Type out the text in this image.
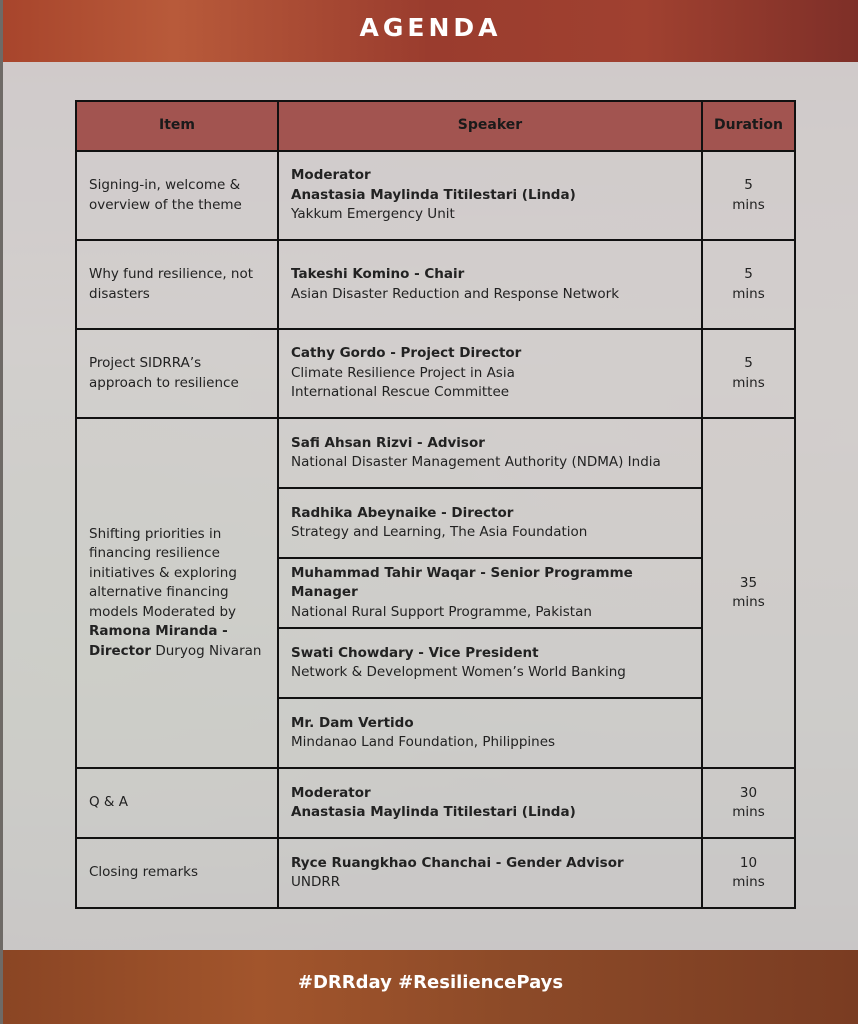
AGENDA
Item	Speaker	Duration
Signing-in, welcome & overview of the theme	Moderator
Anastasia Maylinda Titilestari (Linda)
Yakkum Emergency Unit	5
mins

Why fund resilience, not disasters	Takeshi Komino - Chair
Asian Disaster Reduction and Response Network	5
mins

Project SIDRRA’s approach to resilience	Cathy Gordo - Project Director
Climate Resilience Project in Asia
International Rescue Committee	5
mins

Shifting priorities in financing resilience initiatives & exploring alternative financing models Moderated by Ramona Miranda - Director Duryog Nivaran	Safi Ahsan Rizvi - Advisor
National Disaster Management Authority (NDMA) India	35
mins

	Radhika Abeynaike - Director
Strategy and Learning, The Asia Foundation	

	Muhammad Tahir Waqar - Senior Programme Manager
National Rural Support Programme, Pakistan	

	Swati Chowdary - Vice President
Network & Development Women’s World Banking	

	Mr. Dam Vertido
Mindanao Land Foundation, Philippines	

Q & A	Moderator
Anastasia Maylinda Titilestari (Linda)	30
mins

Closing remarks	Ryce Ruangkhao Chanchai - Gender Advisor
UNDRR	10
mins
#DRRday #ResiliencePays
